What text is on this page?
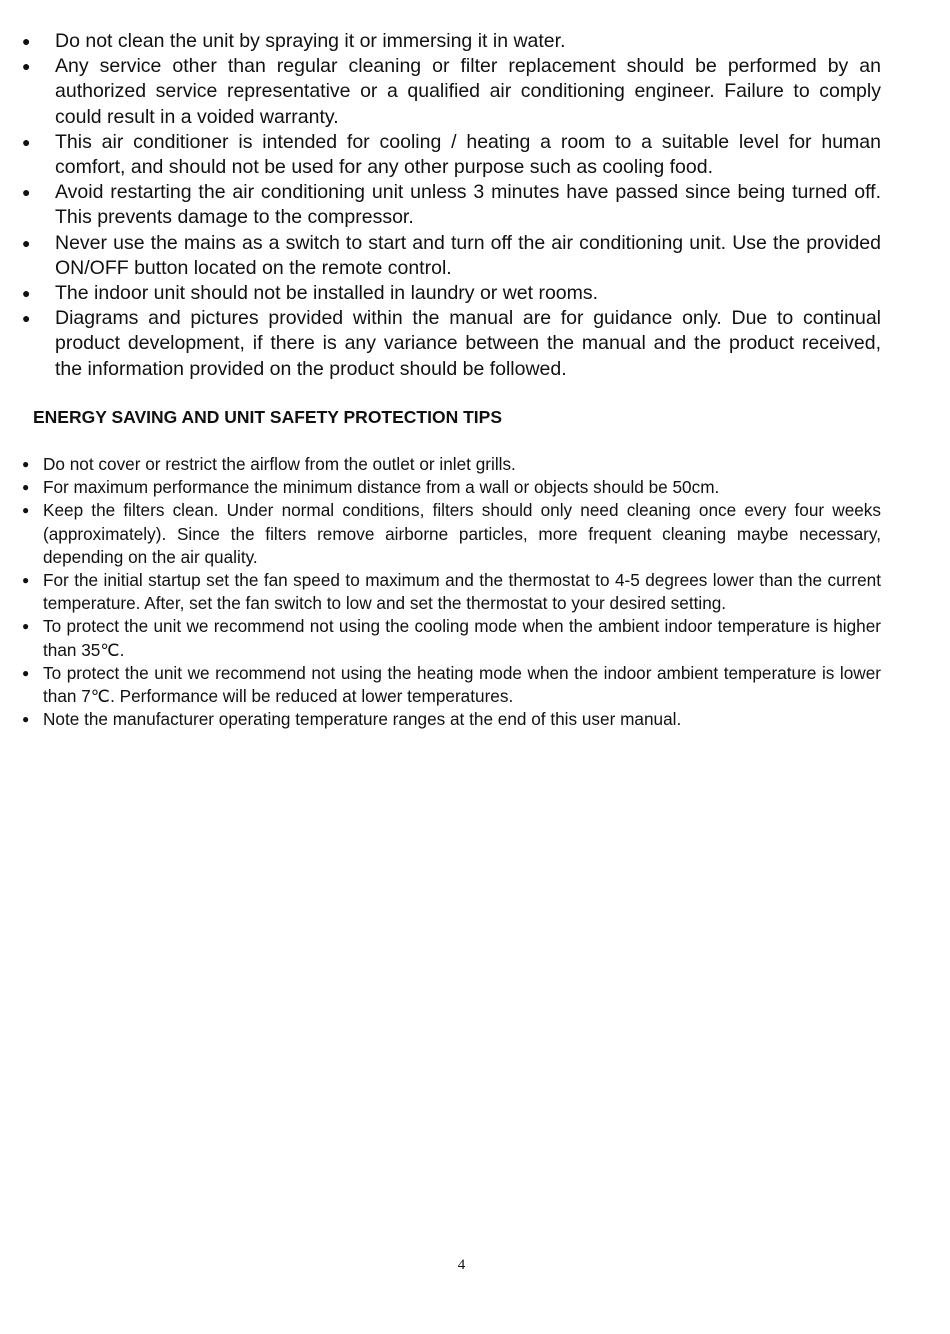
● Do not clean the unit by spraying it or immersing it in water.
● Any service other than regular cleaning or filter replacement should be performed by an authorized service representative or a qualified air conditioning engineer. Failure to comply could result in a voided warranty.
● This air conditioner is intended for cooling / heating a room to a suitable level for human comfort, and should not be used for any other purpose such as cooling food.
● Avoid restarting the air conditioning unit unless 3 minutes have passed since being turned off. This prevents damage to the compressor.
● Never use the mains as a switch to start and turn off the air conditioning unit. Use the provided ON/OFF button located on the remote control.
● The indoor unit should not be installed in laundry or wet rooms.
● Diagrams and pictures provided within the manual are for guidance only. Due to continual product development, if there is any variance between the manual and the product received, the information provided on the product should be followed.
ENERGY SAVING AND UNIT SAFETY PROTECTION TIPS
● Do not cover or restrict the airflow from the outlet or inlet grills.
● For maximum performance the minimum distance from a wall or objects should be 50cm.
● Keep the filters clean. Under normal conditions, filters should only need cleaning once every four weeks (approximately). Since the filters remove airborne particles, more frequent cleaning maybe necessary, depending on the air quality.
● For the initial startup set the fan speed to maximum and the thermostat to 4-5 degrees lower than the current temperature. After, set the fan switch to low and set the thermostat to your desired setting.
● To protect the unit we recommend not using the cooling mode when the ambient indoor temperature is higher than 35℃.
● To protect the unit we recommend not using the heating mode when the indoor ambient temperature is lower than 7℃. Performance will be reduced at lower temperatures.
● Note the manufacturer operating temperature ranges at the end of this user manual.
4
